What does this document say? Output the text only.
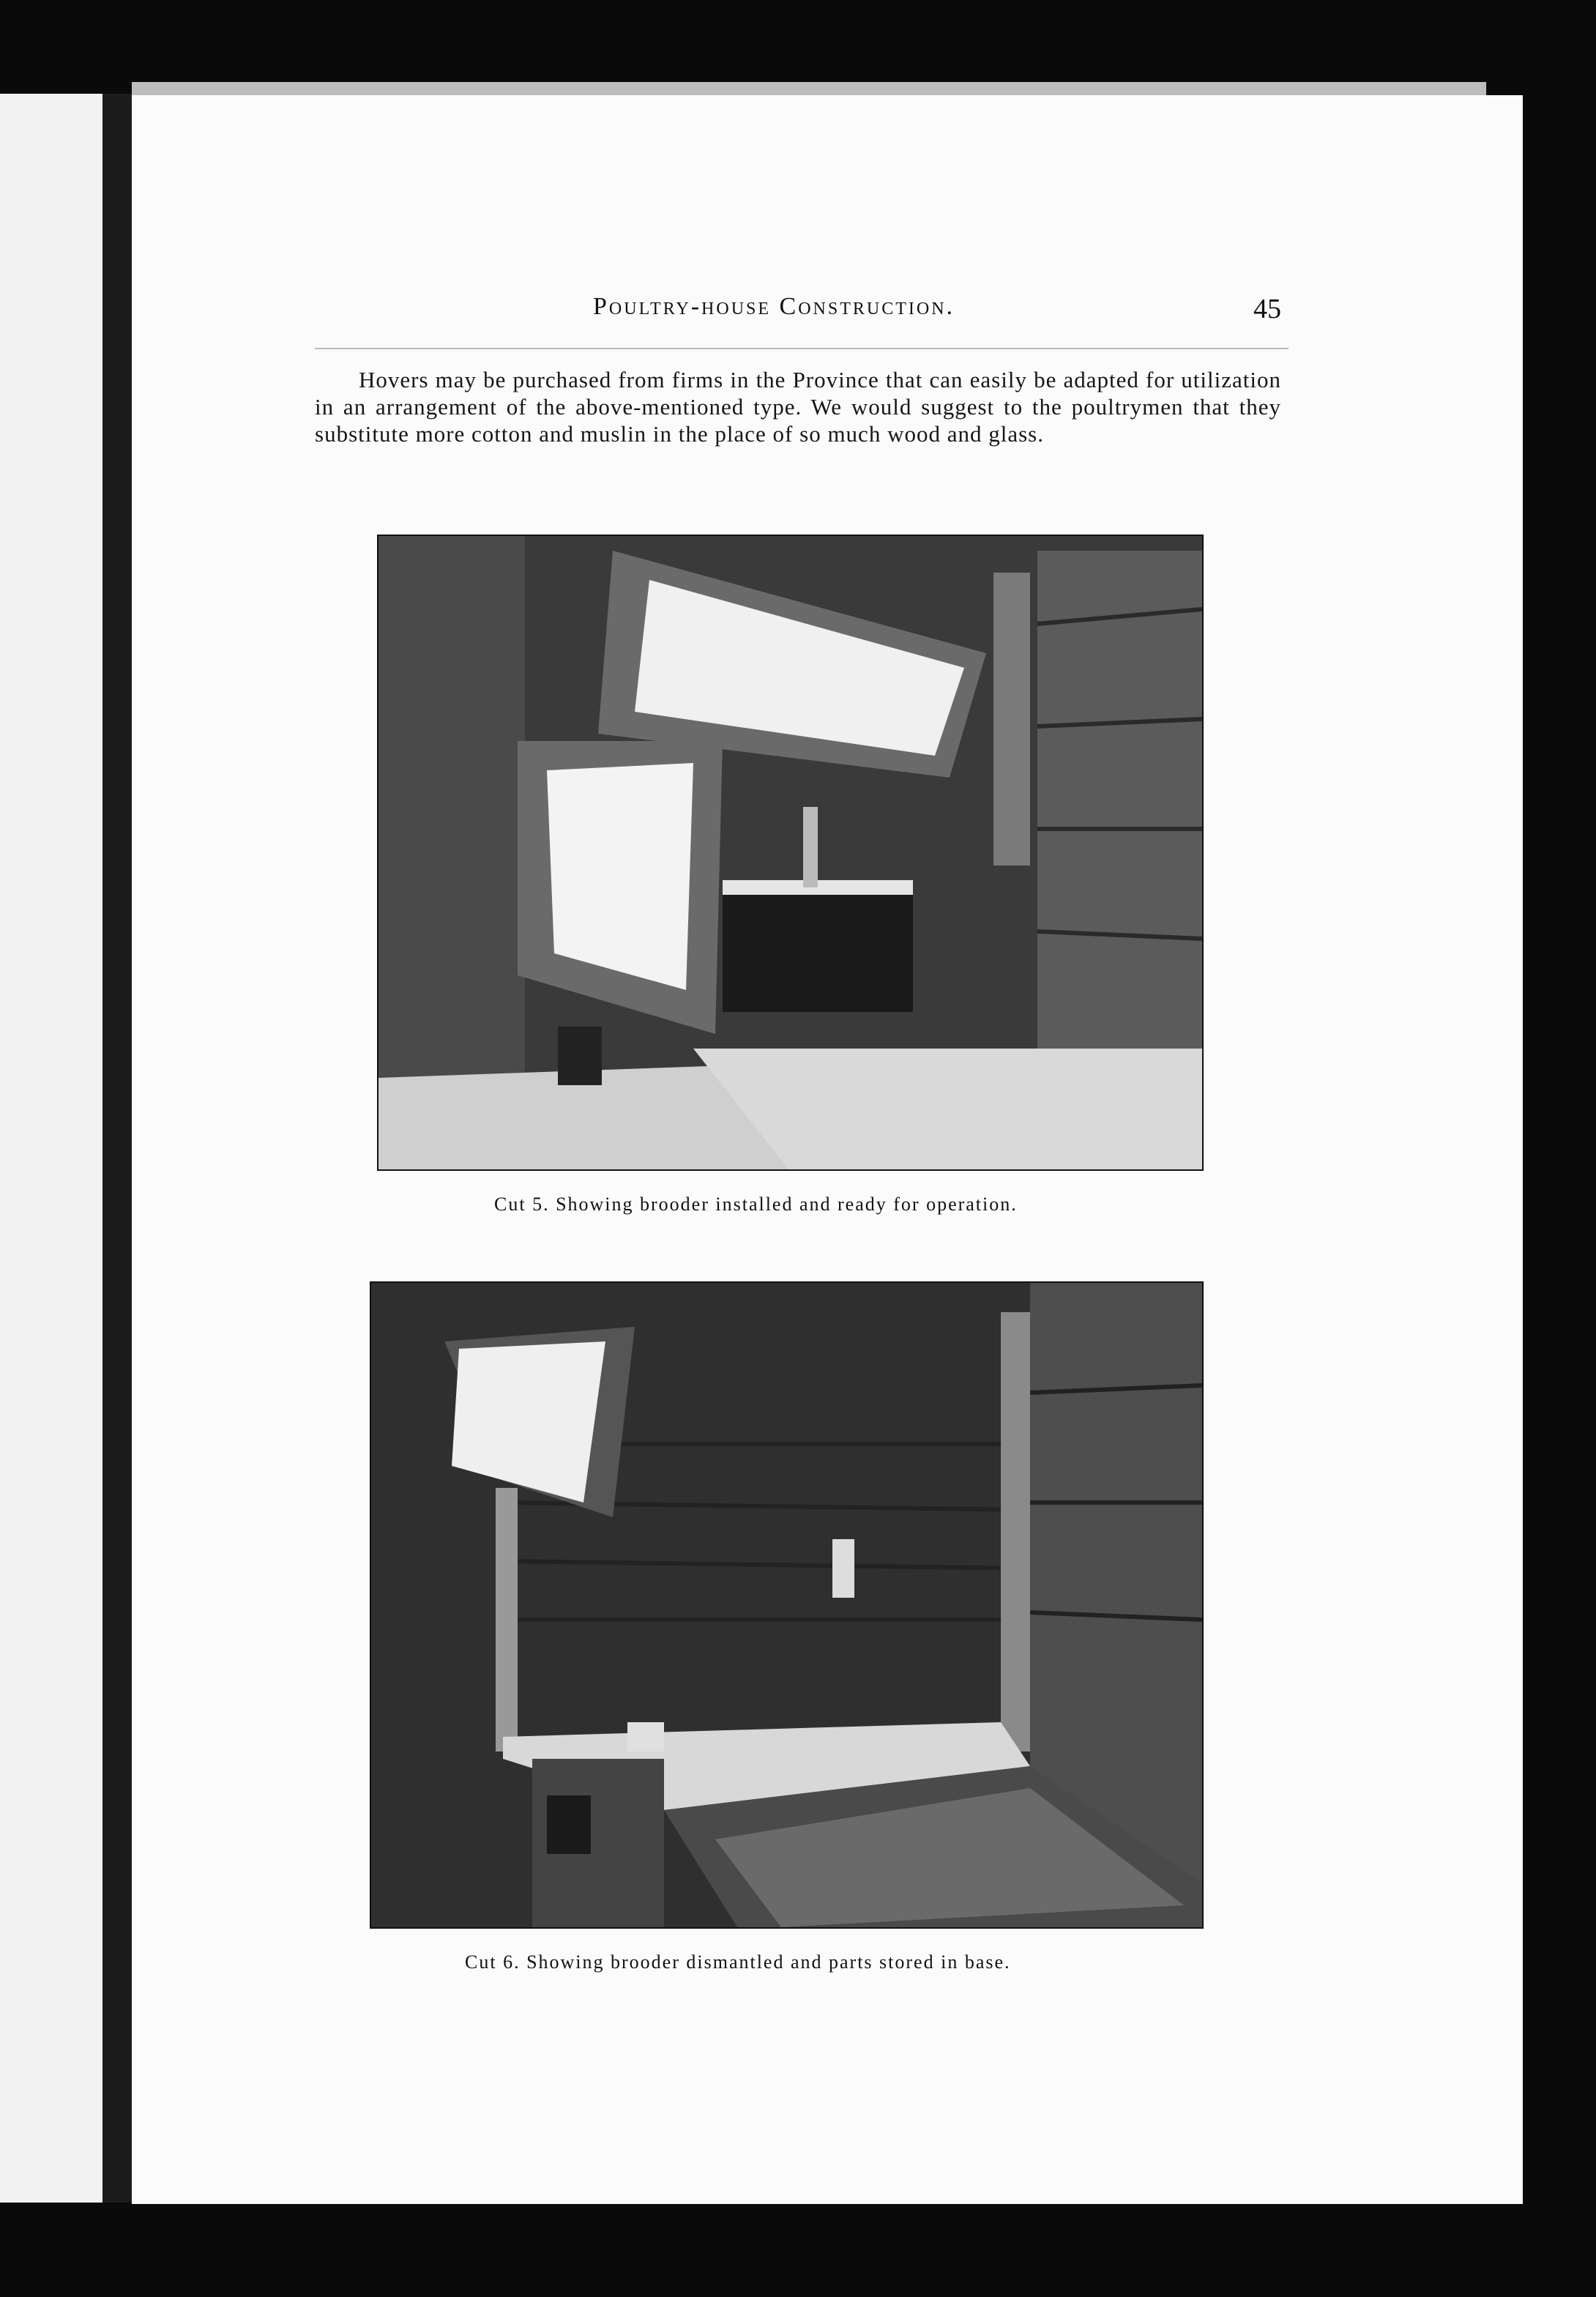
Poultry-house Construction.	45

Hovers may be purchased from firms in the Province that can easily be adapted for utilization in an arrangement of the above-mentioned type. We would suggest to the poultrymen that they substitute more cotton and muslin in the place of so much wood and glass.

Cut 5. Showing brooder installed and ready for operation.
Cut 6. Showing brooder dismantled and parts stored in base.
